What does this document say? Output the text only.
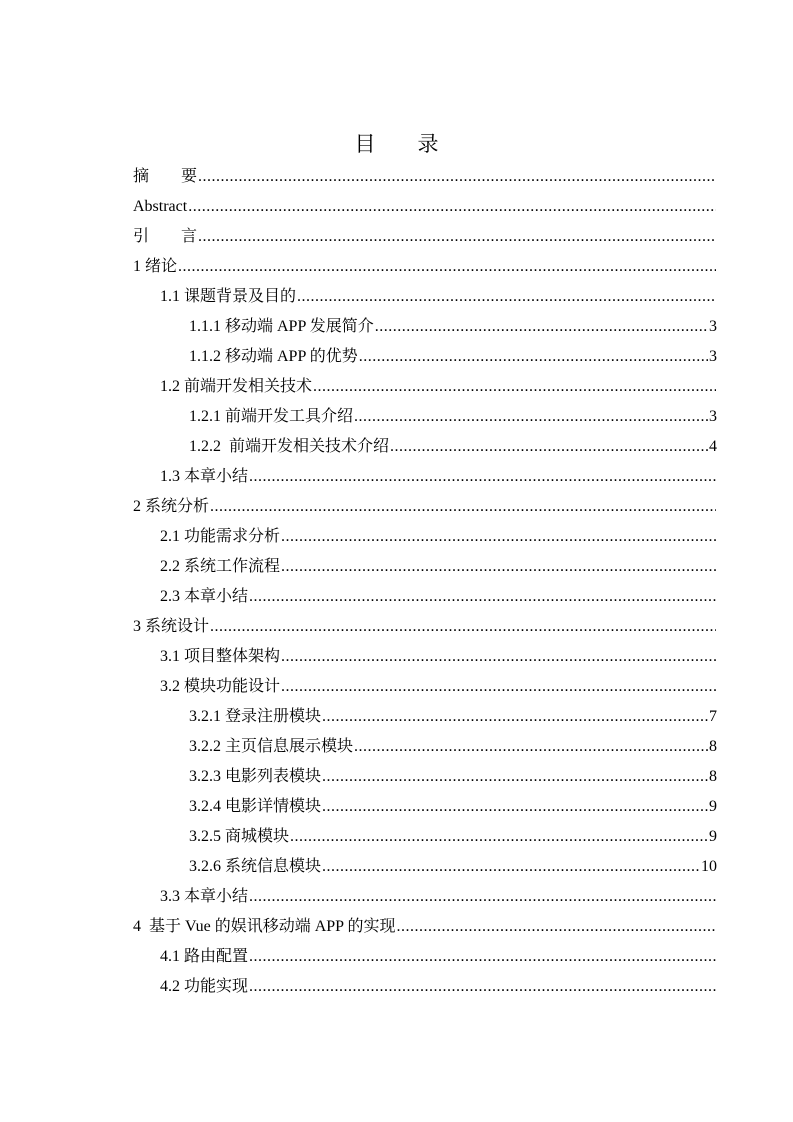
目 录
摘        要
.....
Abstract
.....
引        言
.....
1 绪论
.....
1.1 课题背景及目的
.....
1.1.1 移动端 APP 发展简介 .....	3
1.1.2 移动端 APP 的优势 .....	3
1.2 前端开发相关技术
.....
1.2.1 前端开发工具介绍 .....	3
1.2.2  前端开发相关技术介绍 .....	4
1.3 本章小结
.....
2 系统分析
.....
2.1 功能需求分析
.....
2.2 系统工作流程
.....
2.3 本章小结
.....
3 系统设计
.....
3.1 项目整体架构
.....
3.2 模块功能设计
.....
3.2.1 登录注册模块 .....	7
3.2.2 主页信息展示模块 .....	8
3.2.3 电影列表模块 .....	8
3.2.4 电影详情模块 .....	9
3.2.5 商城模块 .....	9
3.2.6 系统信息模块 .....	10
3.3 本章小结
.....
4  基于 Vue 的娱讯移动端 APP 的实现
.....
4.1 路由配置
.....
4.2 功能实现
.....
